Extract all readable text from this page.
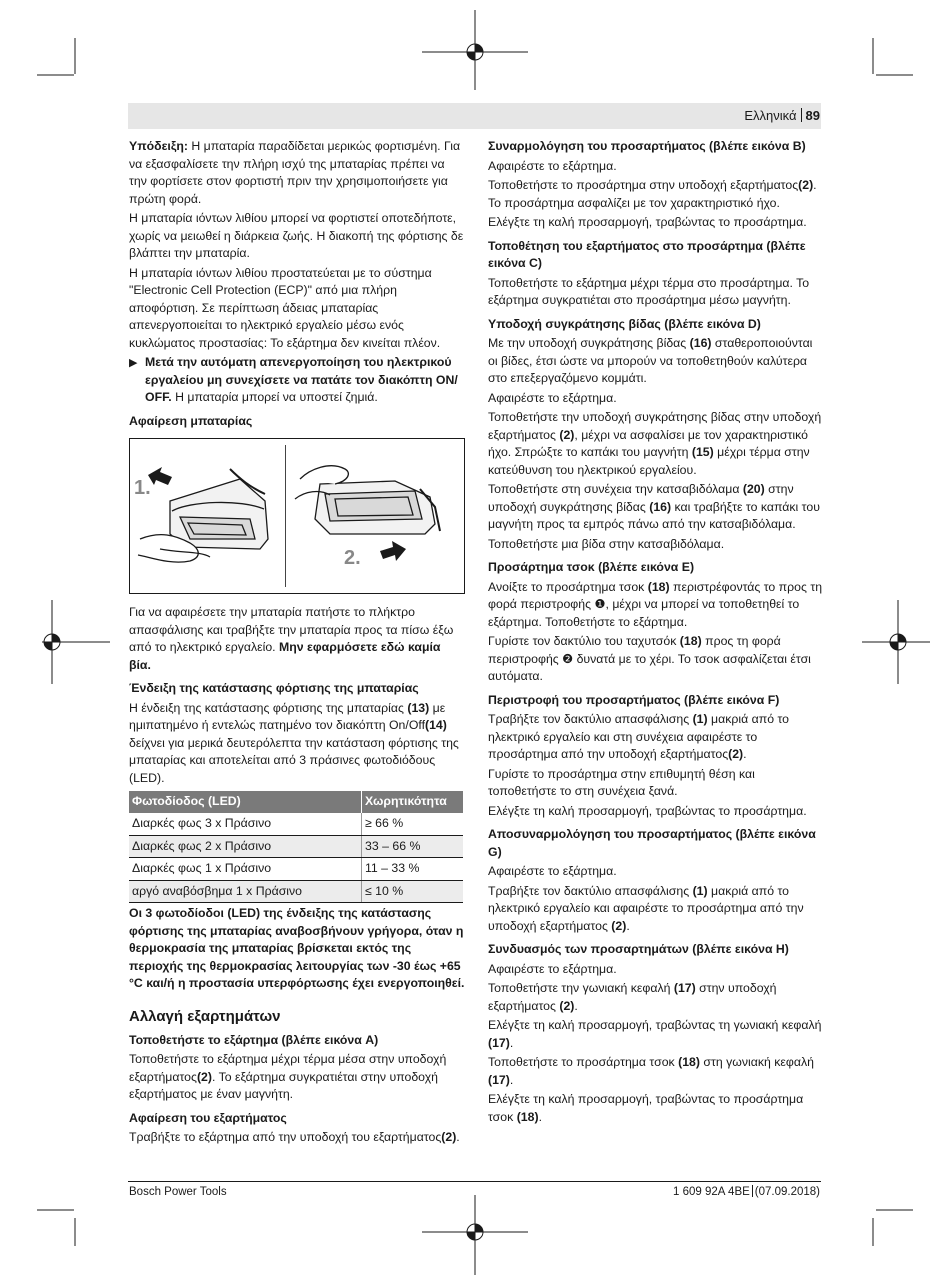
Ελληνικά 89

Υπόδειξη: Η μπαταρία παραδίδεται μερικώς φορτισμένη. Για να εξασφαλίσετε την πλήρη ισχύ της μπαταρίας πρέπει να την φορτίσετε στον φορτιστή πριν την χρησιμοποιήσετε για πρώτη φορά.

Η μπαταρία ιόντων λιθίου μπορεί να φορτιστεί οποτεδήποτε, χωρίς να μειωθεί η διάρκεια ζωής. Η διακοπή της φόρτισης δε βλάπτει την μπαταρία.

Η μπαταρία ιόντων λιθίου προστατεύεται με το σύστημα "Electronic Cell Protection (ECP)" από μια πλήρη αποφόρτιση. Σε περίπτωση άδειας μπαταρίας απενεργοποιείται το ηλεκτρικό εργαλείο μέσω ενός κυκλώματος προστασίας: Το εξάρτημα δεν κινείται πλέον.

▶ Μετά την αυτόματη απενεργοποίηση του ηλεκτρικού εργαλείου μη συνεχίσετε να πατάτε τον διακόπτη ON/ OFF. Η μπαταρία μπορεί να υποστεί ζημιά.

Αφαίρεση μπαταρίας
1.
2.

Για να αφαιρέσετε την μπαταρία πατήστε το πλήκτρο απασφάλισης και τραβήξτε την μπαταρία προς τα πίσω έξω από το ηλεκτρικό εργαλείο. Μην εφαρμόσετε εδώ καμία βία.

Ένδειξη της κατάστασης φόρτισης της μπαταρίας

Η ένδειξη της κατάστασης φόρτισης της μπαταρίας (13) με ημιπατημένο ή εντελώς πατημένο τον διακόπτη On/Off(14) δείχνει για μερικά δευτερόλεπτα την κατάσταση φόρτισης της μπαταρίας και αποτελείται από 3 πράσινες φωτοδιόδους (LED).

Φωτοδίοδος (LED)	Χωρητικότητα
Διαρκές φως 3 x Πράσινο	≥ 66 %
Διαρκές φως 2 x Πράσινο	33 – 66 %
Διαρκές φως 1 x Πράσινο	11 – 33 %
αργό αναβόσβημα 1 x Πράσινο	≤ 10 %

Οι 3 φωτοδίοδοι (LED) της ένδειξης της κατάστασης φόρτισης της μπαταρίας αναβοσβήνουν γρήγορα, όταν η θερμοκρασία της μπαταρίας βρίσκεται εκτός της περιοχής της θερμοκρασίας λειτουργίας των -30 έως +65 °C και/ή η προστασία υπερφόρτωσης έχει ενεργοποιηθεί.

Αλλαγή εξαρτημάτων
Τοποθετήστε το εξάρτημα (βλέπε εικόνα A)

Τοποθετήστε το εξάρτημα μέχρι τέρμα μέσα στην υποδοχή εξαρτήματος(2). Το εξάρτημα συγκρατιέται στην υποδοχή εξαρτήματος με έναν μαγνήτη.

Αφαίρεση του εξαρτήματος

Τραβήξτε το εξάρτημα από την υποδοχή του εξαρτήματος(2).

Συναρμολόγηση του προσαρτήματος (βλέπε εικόνα B)

Αφαιρέστε το εξάρτημα.

Τοποθετήστε το προσάρτημα στην υποδοχή εξαρτήματος(2). Το προσάρτημα ασφαλίζει με τον χαρακτηριστικό ήχο.

Ελέγξτε τη καλή προσαρμογή, τραβώντας το προσάρτημα.

Τοποθέτηση του εξαρτήματος στο προσάρτημα (βλέπε εικόνα C)

Τοποθετήστε το εξάρτημα μέχρι τέρμα στο προσάρτημα. Το εξάρτημα συγκρατιέται στο προσάρτημα μέσω μαγνήτη.

Υποδοχή συγκράτησης βίδας (βλέπε εικόνα D)

Με την υποδοχή συγκράτησης βίδας (16) σταθεροποιούνται οι βίδες, έτσι ώστε να μπορούν να τοποθετηθούν καλύτερα στο επεξεργαζόμενο κομμάτι.

Αφαιρέστε το εξάρτημα.

Τοποθετήστε την υποδοχή συγκράτησης βίδας στην υποδοχή εξαρτήματος (2), μέχρι να ασφαλίσει με τον χαρακτηριστικό ήχο. Σπρώξτε το καπάκι του μαγνήτη (15) μέχρι τέρμα στην κατεύθυνση του ηλεκτρικού εργαλείου.

Τοποθετήστε στη συνέχεια την κατσαβιδόλαμα (20) στην υποδοχή συγκράτησης βίδας (16) και τραβήξτε το καπάκι του μαγνήτη προς τα εμπρός πάνω από την κατσαβιδόλαμα.

Τοποθετήστε μια βίδα στην κατσαβιδόλαμα.

Προσάρτημα τσοκ (βλέπε εικόνα E)

Ανοίξτε το προσάρτημα τσοκ (18) περιστρέφοντάς το προς τη φορά περιστροφής ❶, μέχρι να μπορεί να τοποθετηθεί το εξάρτημα. Τοποθετήστε το εξάρτημα.

Γυρίστε τον δακτύλιο του ταχυτσόκ (18) προς τη φορά περιστροφής ❷ δυνατά με το χέρι. Το τσοκ ασφαλίζεται έτσι αυτόματα.

Περιστροφή του προσαρτήματος (βλέπε εικόνα F)

Τραβήξτε τον δακτύλιο απασφάλισης (1) μακριά από το ηλεκτρικό εργαλείο και στη συνέχεια αφαιρέστε το προσάρτημα από την υποδοχή εξαρτήματος(2).

Γυρίστε το προσάρτημα στην επιθυμητή θέση και τοποθετήστε το στη συνέχεια ξανά.

Ελέγξτε τη καλή προσαρμογή, τραβώντας το προσάρτημα.

Αποσυναρμολόγηση του προσαρτήματος (βλέπε εικόνα G)

Αφαιρέστε το εξάρτημα.

Τραβήξτε τον δακτύλιο απασφάλισης (1) μακριά από το ηλεκτρικό εργαλείο και αφαιρέστε το προσάρτημα από την υποδοχή εξαρτήματος (2).

Συνδυασμός των προσαρτημάτων (βλέπε εικόνα H)

Αφαιρέστε το εξάρτημα.

Τοποθετήστε την γωνιακή κεφαλή (17) στην υποδοχή εξαρτήματος (2).

Ελέγξτε τη καλή προσαρμογή, τραβώντας τη γωνιακή κεφαλή (17).

Τοποθετήστε το προσάρτημα τσοκ (18) στη γωνιακή κεφαλή (17).

Ελέγξτε τη καλή προσαρμογή, τραβώντας το προσάρτημα τσοκ (18).

Bosch Power Tools	1 609 92A 4BE (07.09.2018)
